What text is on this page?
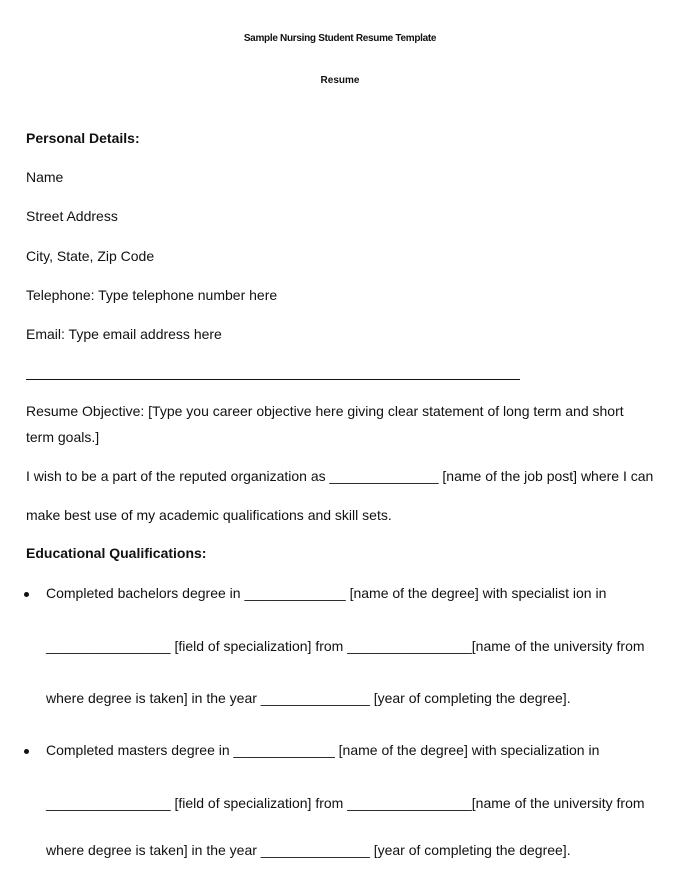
Sample Nursing Student Resume Template
Resume
Personal Details:
Name
Street Address
City, State, Zip Code
Telephone: Type telephone number here
Email: Type email address here
Resume Objective: [Type you career objective here giving clear statement of long term and short
term goals.]
I wish to be a part of the reputed organization as ______________ [name of the job post] where I can
make best use of my academic qualifications and skill sets.
Educational Qualifications:
Completed bachelors degree in _____________ [name of the degree] with specialist ion in
________________ [field of specialization] from ________________[name of the university from
where degree is taken] in the year ______________ [year of completing the degree].
Completed masters degree in _____________ [name of the degree] with specialization in
________________ [field of specialization] from ________________[name of the university from
where degree is taken] in the year ______________ [year of completing the degree].
